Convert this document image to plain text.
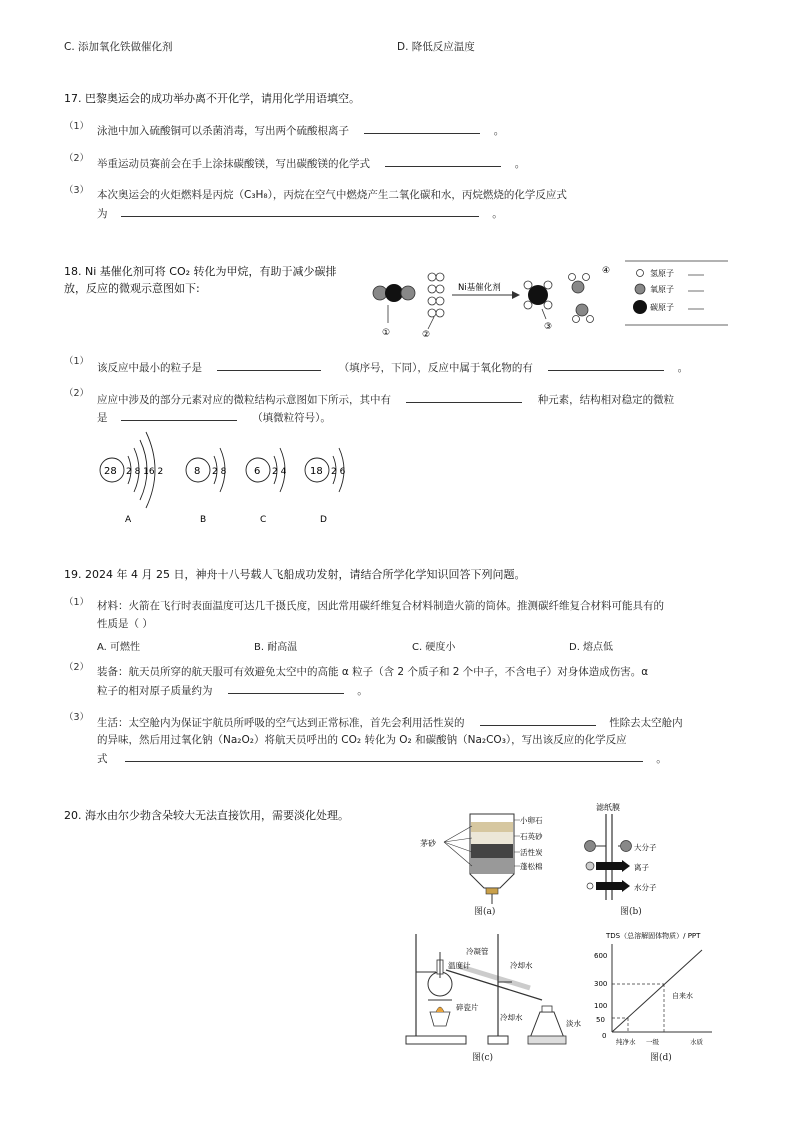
C. 添加氧化铁做催化剂	D. 降低反应温度
17. 巴黎奥运会的成功举办离不开化学，请用化学用语填空。
（1） 泳池中加入硫酸铜可以杀菌消毒，写出两个硫酸根离子	。
（2） 举重运动员赛前会在手上涂抹碳酸镁，写出碳酸镁的化学式	。
（3） 本次奥运会的火炬燃料是丙烷（C₃H₈），丙烷在空气中燃烧产生二氧化碳和水，丙烷燃烧的化学反应式
为	。
18. Ni 基催化剂可将 CO₂ 转化为甲烷，有助于减少碳排
放，反应的微观示意图如下:
①	②
Ni基催化剂
③
④	氢原子
氧原子
碳原子
（1）
该反应中最小的粒子是	（填序号，下同），反应中属于氧化物的有	。
（2）
应应中涉及的部分元素对应的微粒结构示意图如下所示，其中有	种元素，结构相对稳定的微粒
是	（填微粒符号）。
28 2 8 16 2	8 2 8	6 2 4 18 2 6
A	B	C	D
19. 2024 年 4 月 25 日，神舟十八号载人飞船成功发射，请结合所学化学知识回答下列问题。
（1） 材料：火箭在飞行时表面温度可达几千摄氏度，因此常用碳纤维复合材料制造火箭的筒体。推测碳纤维复合材料可能具有的
性质是（ ）
A. 可燃性	B. 耐高温	C. 硬度小	D. 熔点低
（2） 装备：航天员所穿的航天服可有效避免太空中的高能 α 粒子（含 2 个质子和 2 个中子，不含电子）对身体造成伤害。α
粒子的相对原子质量约为	。
（3） 生活：太空舱内为保证宇航员所呼吸的空气达到正常标准，首先会利用活性炭的	性除去太空舱内
的异味，然后用过氧化钠（Na₂O₂）将航天员呼出的 CO₂ 转化为 O₂ 和碳酸钠（Na₂CO₃），写出该反应的化学反应
式	。
20. 海水由尔少勃含朵较大无法直接饮用，需要淡化处理。
茅砂
小卵石
石英砂
活性炭
蓬松棉
图(a)
滤纸膜
大分子
离子
水分子
图(b)
冷凝管
温度计	冷却水
冷却水
碎瓷片
淡水
图(c)
TDS（总溶解固体物质）/ PPT
600
300
100
50
0
自来水
纯净水 一级	水质
图(d)
